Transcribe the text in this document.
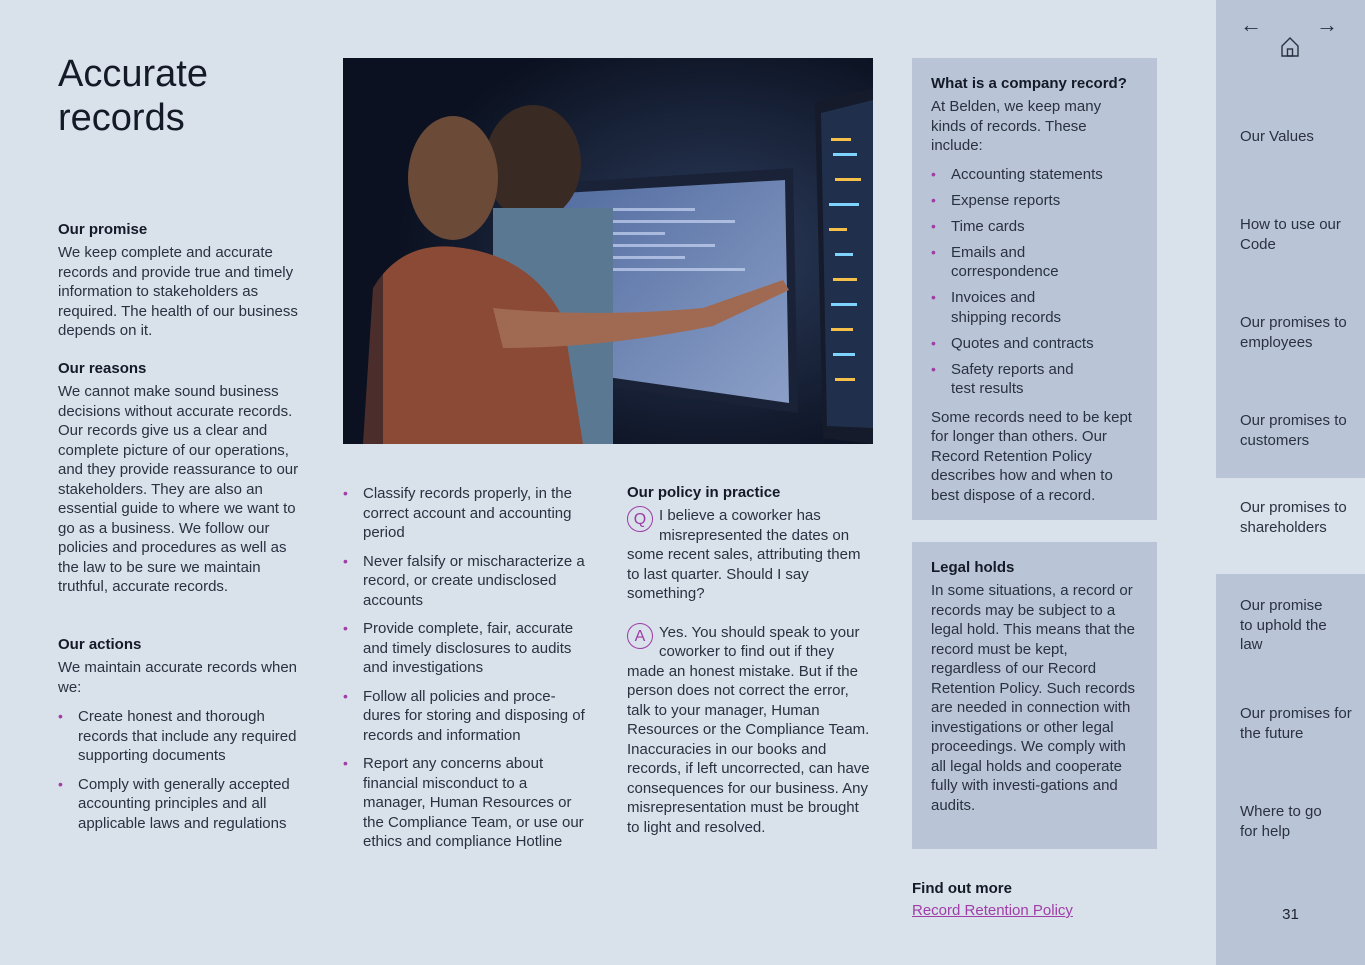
Accurate
records
Our promise
We keep complete and accurate records and provide true and timely information to stakeholders as required. The health of our business depends on it.
Our reasons
We cannot make sound business decisions without accurate records. Our records give us a clear and complete picture of our operations, and they provide reassurance to our stakeholders. They are also an essential guide to where we want to go as a business. We follow our policies and procedures as well as the law to be sure we maintain truthful, accurate records.
Our actions
We maintain accurate records when we:
• Create honest and thorough records that include any required supporting documents
• Comply with generally accepted accounting principles and all applicable laws and regulations
• Classify records properly, in the correct account and accounting period
• Never falsify or mischaracterize a record, or create undisclosed accounts
• Provide complete, fair, accurate and timely disclosures to audits and investigations
• Follow all policies and proce-dures for storing and disposing of records and information
• Report any concerns about financial misconduct to a manager, Human Resources or the Compliance Team, or use our ethics and compliance Hotline
Our policy in practice
Q I believe a coworker has misrepresented the dates on some recent sales, attributing them to last quarter. Should I say something?
A Yes. You should speak to your coworker to find out if they made an honest mistake. But if the person does not correct the error, talk to your manager, Human Resources or the Compliance Team. Inaccuracies in our books and records, if left uncorrected, can have consequences for our business. Any misrepresentation must be brought to light and resolved.
What is a company record?
At Belden, we keep many kinds of records. These include:
• Accounting statements
• Expense reports
• Time cards
• Emails and correspondence
• Invoices and shipping records
• Quotes and contracts
• Safety reports and test results
Some records need to be kept for longer than others. Our Record Retention Policy describes how and when to best dispose of a record.
Legal holds
In some situations, a record or records may be subject to a legal hold. This means that the record must be kept, regardless of our Record Retention Policy. Such records are needed in connection with investigations or other legal proceedings. We comply with all legal holds and cooperate fully with investi-gations and audits.
Find out more
Record Retention Policy
← →
Our Values
How to use our Code
Our promises to employees
Our promises to customers
Our promises to shareholders
Our promise to uphold the law
Our promises for the future
Where to go for help
31
